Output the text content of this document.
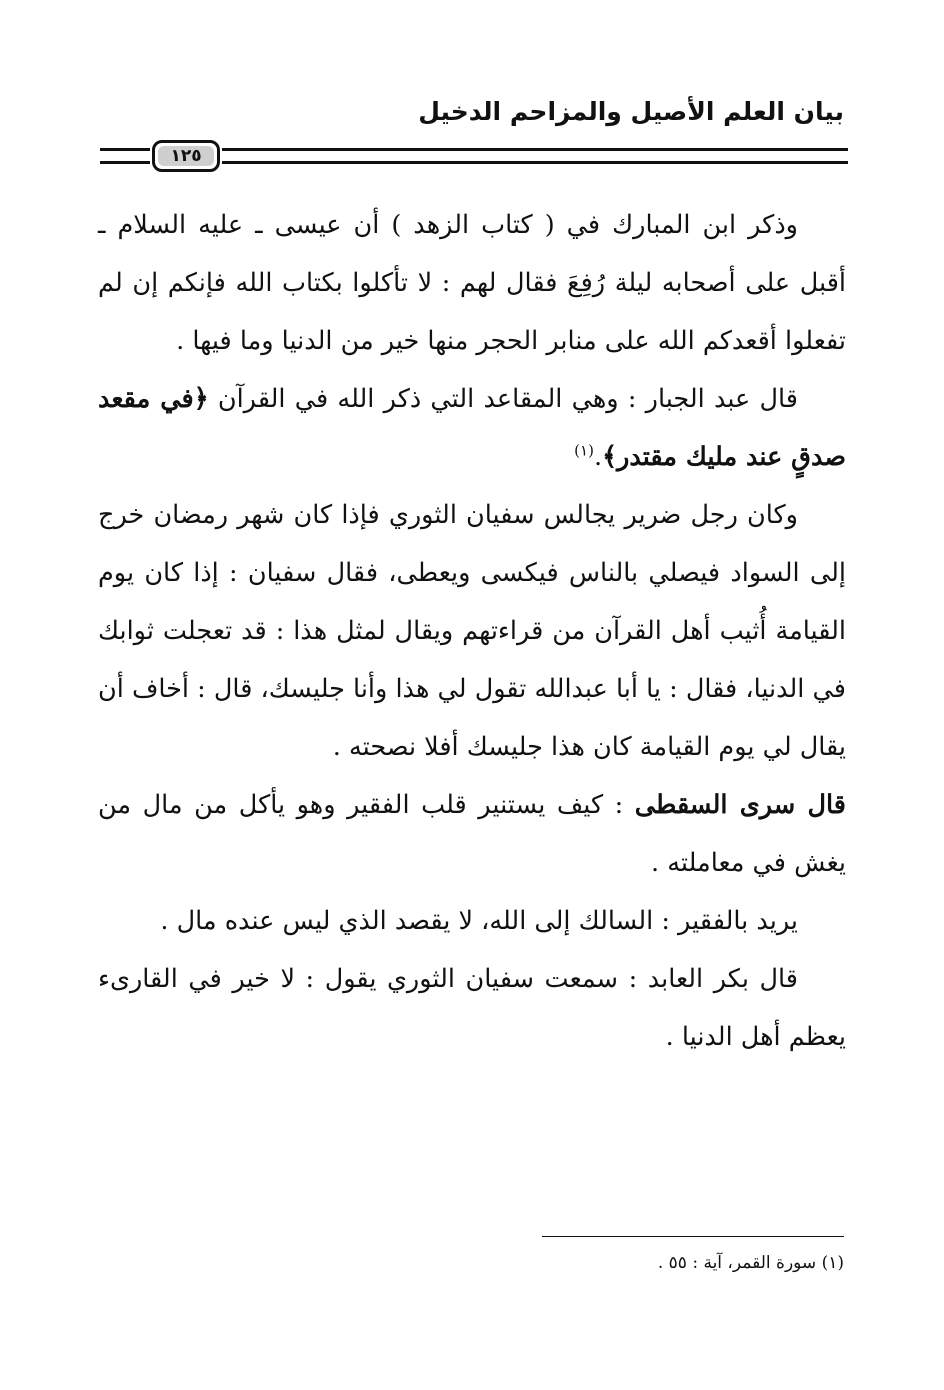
بيان العلم الأصيل والمزاحم الدخيل
١٢٥

وذكر ابن المبارك في ( كتاب الزهد ) أن عيسى ـ عليه السلام ـ أقبل على أصحابه ليلة رُفِعَ فقال لهم : لا تأكلوا بكتاب الله فإنكم إن لم تفعلوا أقعدكم الله على منابر الحجر منها خير من الدنيا وما فيها .

قال عبد الجبار : وهي المقاعد التي ذكر الله في القرآن ﴿في مقعد صدقٍ عند مليك مقتدر﴾.$^{(١)}$

وكان رجل ضرير يجالس سفيان الثوري فإذا كان شهر رمضان خرج إلى السواد فيصلي بالناس فيكسى ويعطى، فقال سفيان : إذا كان يوم القيامة أُثيب أهل القرآن من قراءتهم ويقال لمثل هذا : قد تعجلت ثوابك في الدنيا، فقال : يا أبا عبدالله تقول لي هذا وأنا جليسك، قال : أخاف أن يقال لي يوم القيامة كان هذا جليسك أفلا نصحته .

قال سرى السقطى : كيف يستنير قلب الفقير وهو يأكل من مال من يغش في معاملته .

يريد بالفقير : السالك إلى الله، لا يقصد الذي ليس عنده مال .

قال بكر العابد : سمعت سفيان الثوري يقول : لا خير في القارىء يعظم أهل الدنيا .

(١) سورة القمر، آية : ٥٥ .
